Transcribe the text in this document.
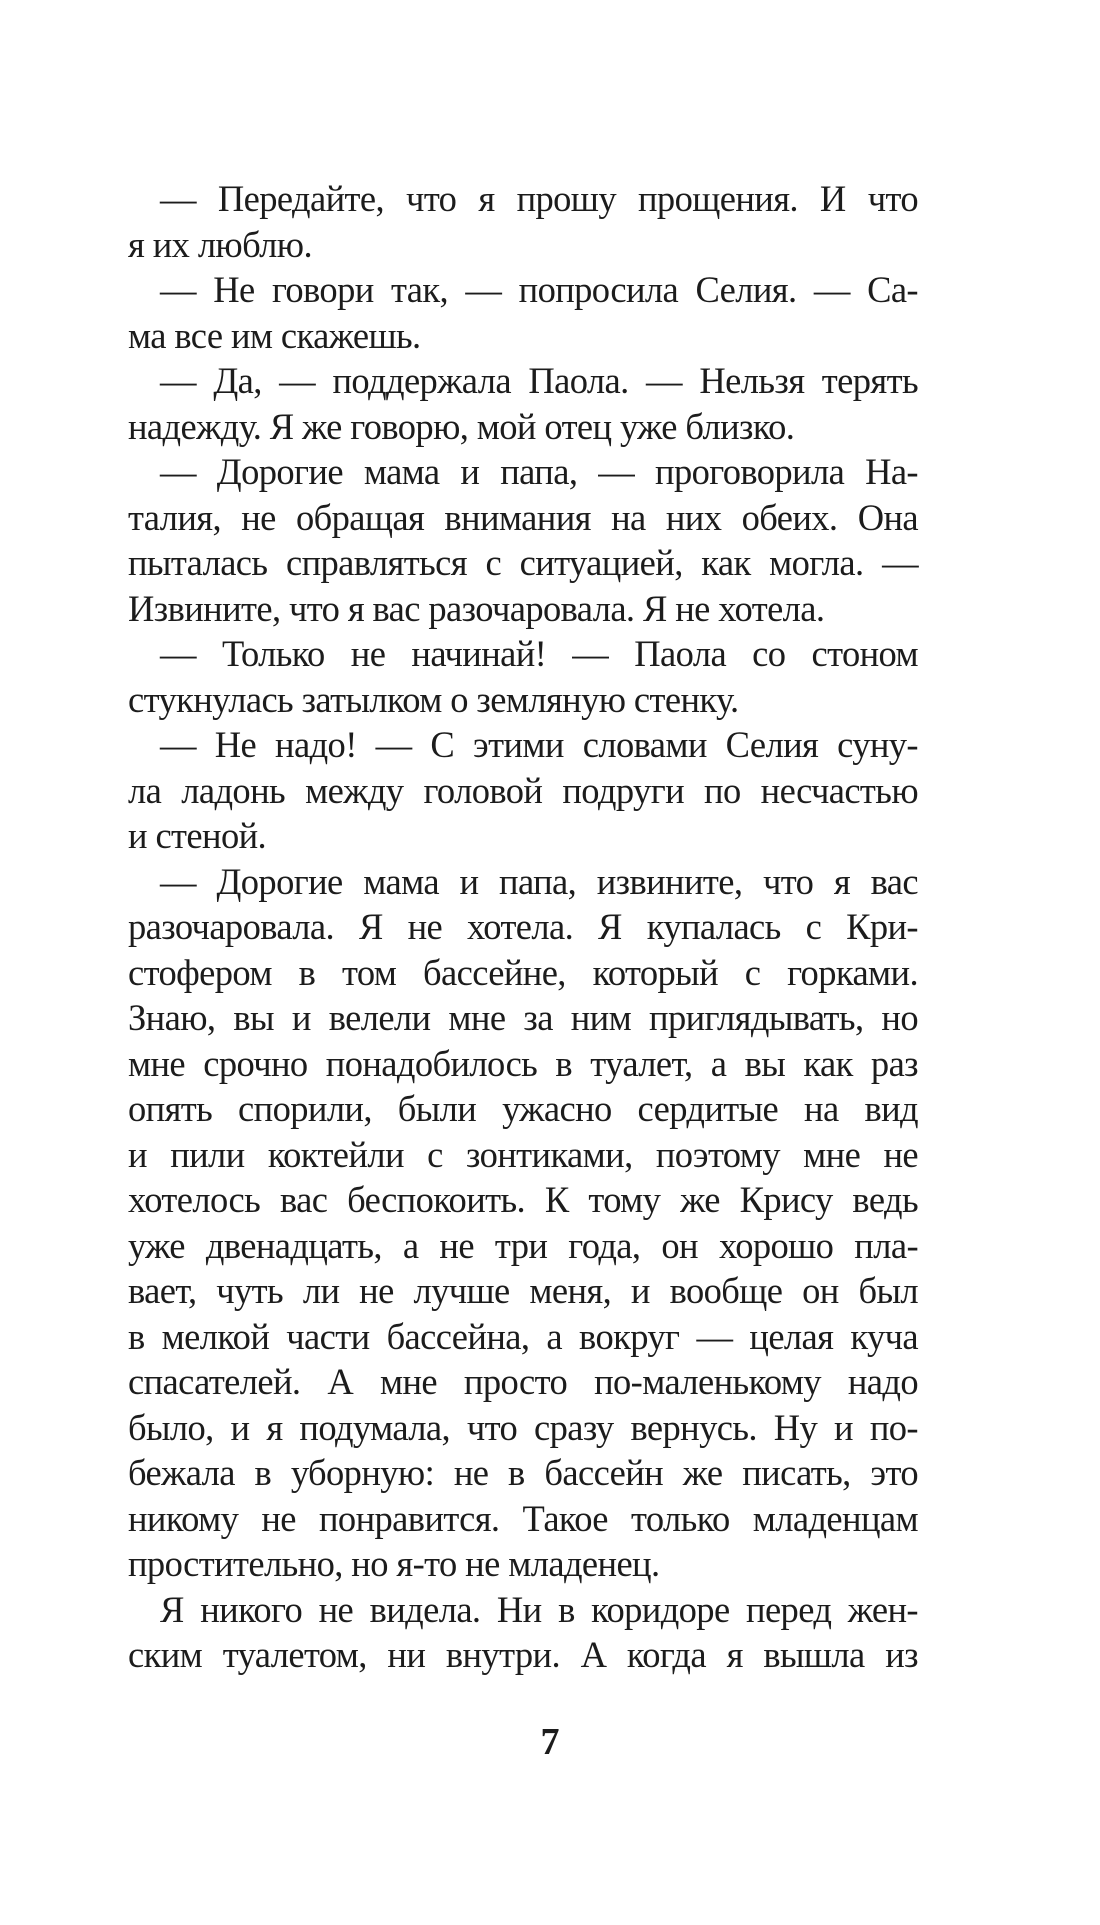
— Передайте, что я прошу прощения. И что
я их люблю.
— Не говори так, — попросила Селия. — Са-
ма все им скажешь.
— Да, — поддержала Паола. — Нельзя терять
надежду. Я же говорю, мой отец уже близко.
— Дорогие мама и папа, — проговорила На-
талия, не обращая внимания на них обеих. Она
пыталась справляться с ситуацией, как могла. —
Извините, что я вас разочаровала. Я не хотела.
— Только не начинай! — Паола со стоном
стукнулась затылком о земляную стенку.
— Не надо! — С этими словами Селия суну-
ла ладонь между головой подруги по несчастью
и стеной.
— Дорогие мама и папа, извините, что я вас
разочаровала. Я не хотела. Я купалась с Кри-
стофером в том бассейне, который с горками.
Знаю, вы и велели мне за ним приглядывать, но
мне срочно понадобилось в туалет, а вы как раз
опять спорили, были ужасно сердитые на вид
и пили коктейли с зонтиками, поэтому мне не
хотелось вас беспокоить. К тому же Крису ведь
уже двенадцать, а не три года, он хорошо пла-
вает, чуть ли не лучше меня, и вообще он был
в мелкой части бассейна, а вокруг — целая куча
спасателей. А мне просто по-маленькому надо
было, и я подумала, что сразу вернусь. Ну и по-
бежала в уборную: не в бассейн же писать, это
никому не понравится. Такое только младенцам
простительно, но я-то не младенец.
Я никого не видела. Ни в коридоре перед жен-
ским туалетом, ни внутри. А когда я вышла из
7
